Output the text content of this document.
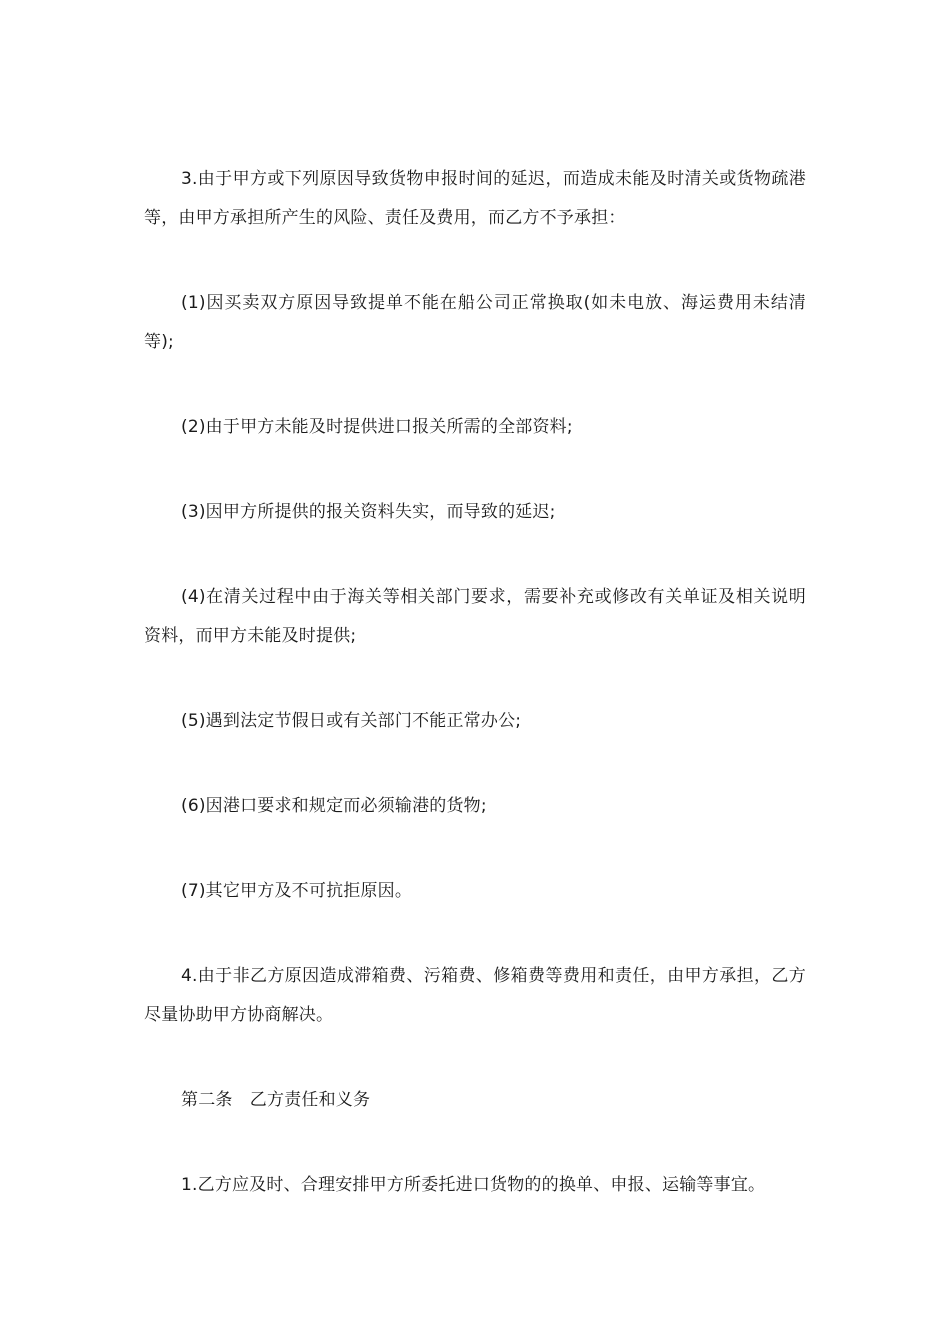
3.由于甲方或下列原因导致货物申报时间的延迟，而造成未能及时清关或货物疏港等，由甲方承担所产生的风险、责任及费用，而乙方不予承担：

(1)因买卖双方原因导致提单不能在船公司正常换取(如未电放、海运费用未结清等);

(2)由于甲方未能及时提供进口报关所需的全部资料;

(3)因甲方所提供的报关资料失实，而导致的延迟;

(4)在清关过程中由于海关等相关部门要求，需要补充或修改有关单证及相关说明资料，而甲方未能及时提供;

(5)遇到法定节假日或有关部门不能正常办公;

(6)因港口要求和规定而必须输港的货物;

(7)其它甲方及不可抗拒原因。

4.由于非乙方原因造成滞箱费、污箱费、修箱费等费用和责任，由甲方承担，乙方尽量协助甲方协商解决。

第二条　乙方责任和义务

1.乙方应及时、合理安排甲方所委托进口货物的的换单、申报、运输等事宜。
